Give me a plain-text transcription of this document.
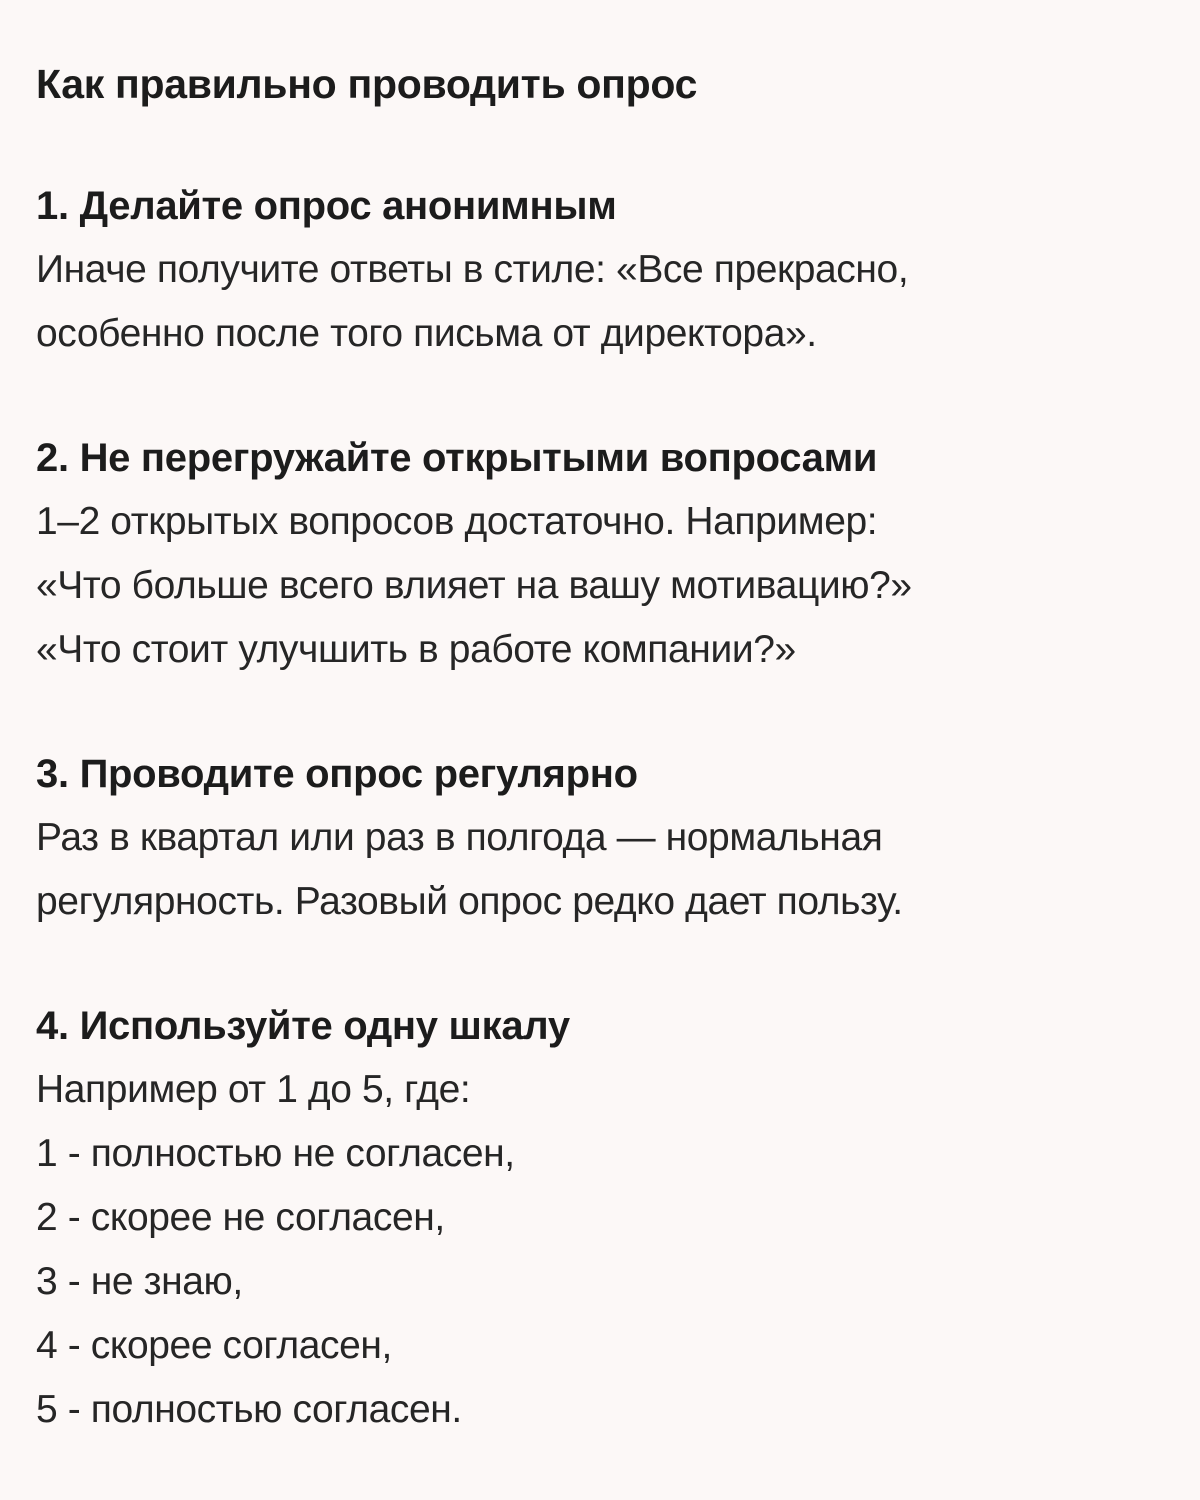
Как правильно проводить опрос
1. Делайте опрос анонимным
Иначе получите ответы в стиле: «Все прекрасно,
особенно после того письма от директора».
2. Не перегружайте открытыми вопросами
1–2 открытых вопросов достаточно. Например:
«Что больше всего влияет на вашу мотивацию?»
«Что стоит улучшить в работе компании?»
3. Проводите опрос регулярно
Раз в квартал или раз в полгода — нормальная
регулярность. Разовый опрос редко дает пользу.
4. Используйте одну шкалу
Например от 1 до 5, где:
1 - полностью не согласен,
2 - скорее не согласен,
3 - не знаю,
4 - скорее согласен,
5 - полностью согласен.
